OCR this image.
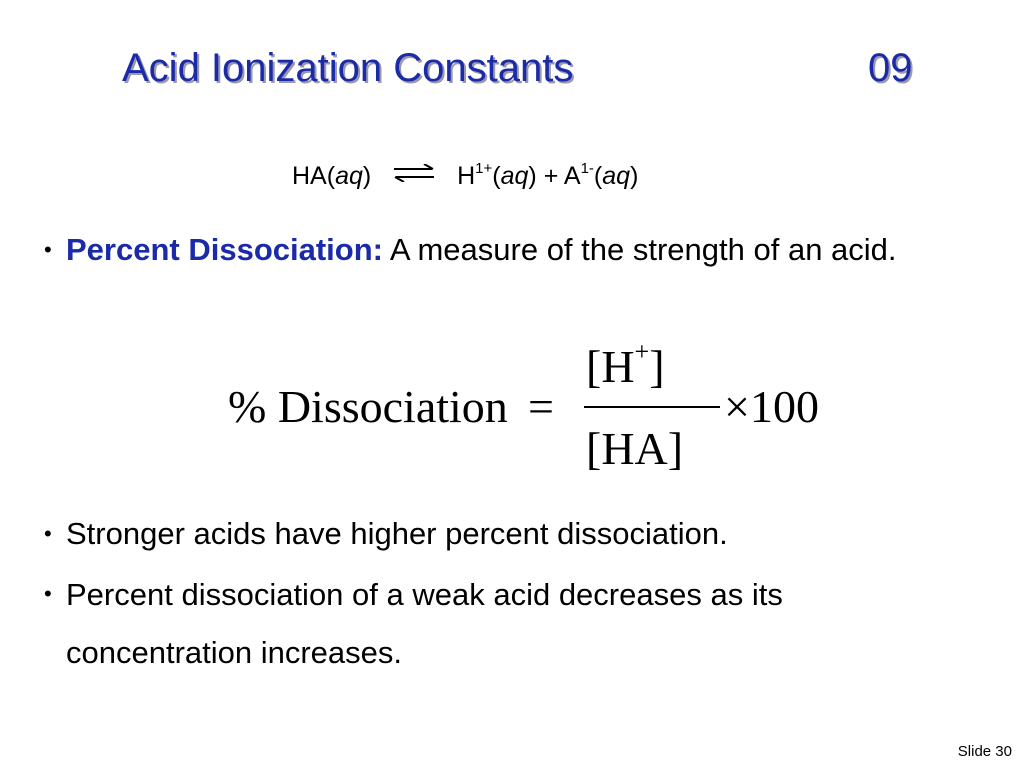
Acid Ionization Constants	09
HA(aq) ⇌ $H^{1+}(aq) + A^{1-}(aq)$
• Percent Dissociation: A measure of the strength of an acid.
% Dissociation =
[H+]
[HA]
×100
• Stronger acids have higher percent dissociation.
• Percent dissociation of a weak acid decreases as its concentration increases.
Slide 30
